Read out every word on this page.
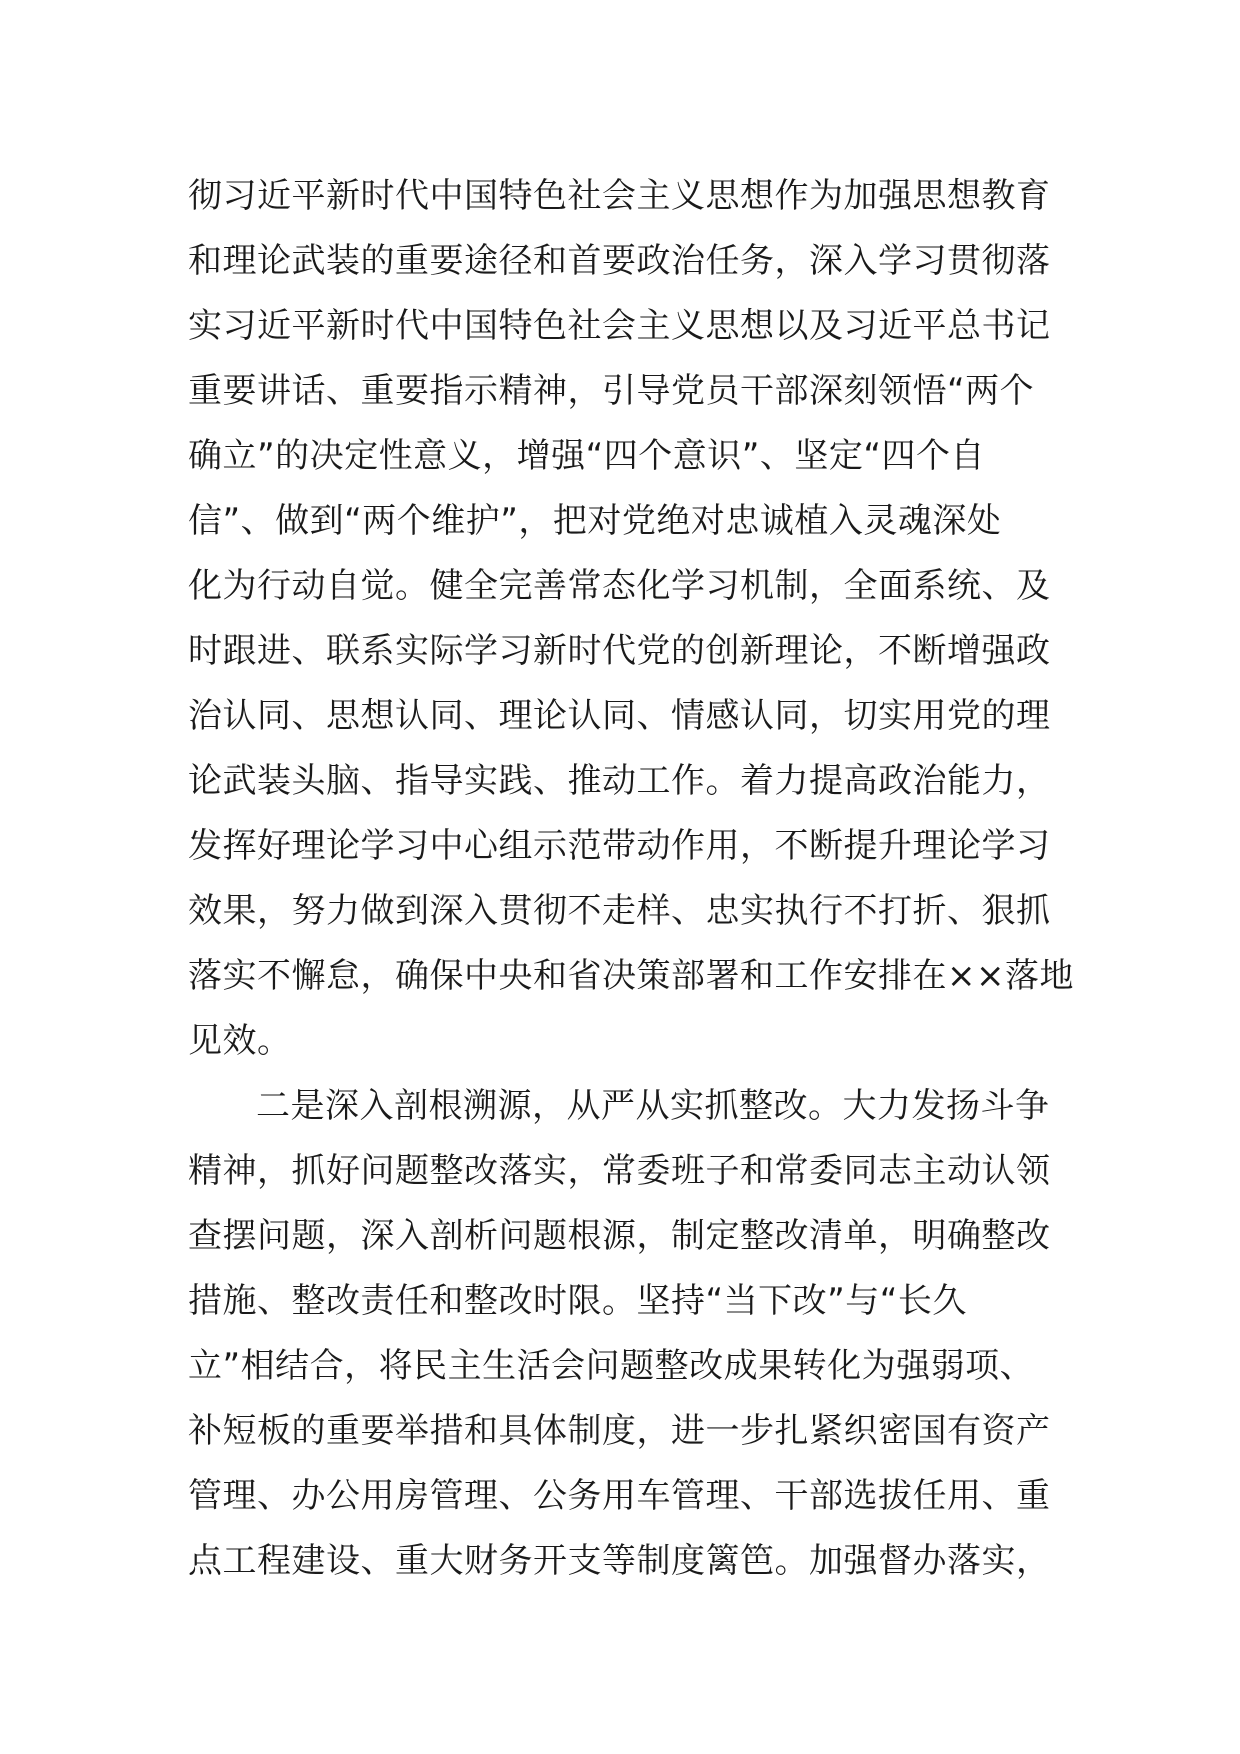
彻习近平新时代中国特色社会主义思想作为加强思想教育
和理论武装的重要途径和首要政治任务，深入学习贯彻落
实习近平新时代中国特色社会主义思想以及习近平总书记
重要讲话、重要指示精神，引导党员干部深刻领悟“两个
确立”的决定性意义，增强“四个意识”、坚定“四个自
信”、做到“两个维护”，把对党绝对忠诚植入灵魂深处
化为行动自觉。健全完善常态化学习机制，全面系统、及
时跟进、联系实际学习新时代党的创新理论，不断增强政
治认同、思想认同、理论认同、情感认同，切实用党的理
论武装头脑、指导实践、推动工作。着力提高政治能力，
发挥好理论学习中心组示范带动作用，不断提升理论学习
效果，努力做到深入贯彻不走样、忠实执行不打折、狠抓
落实不懈怠，确保中央和省决策部署和工作安排在××落地
见效。
二是深入剖根溯源，从严从实抓整改。大力发扬斗争
精神，抓好问题整改落实，常委班子和常委同志主动认领
查摆问题，深入剖析问题根源，制定整改清单，明确整改
措施、整改责任和整改时限。坚持“当下改”与“长久
立”相结合，将民主生活会问题整改成果转化为强弱项、
补短板的重要举措和具体制度，进一步扎紧织密国有资产
管理、办公用房管理、公务用车管理、干部选拔任用、重
点工程建设、重大财务开支等制度篱笆。加强督办落实，
